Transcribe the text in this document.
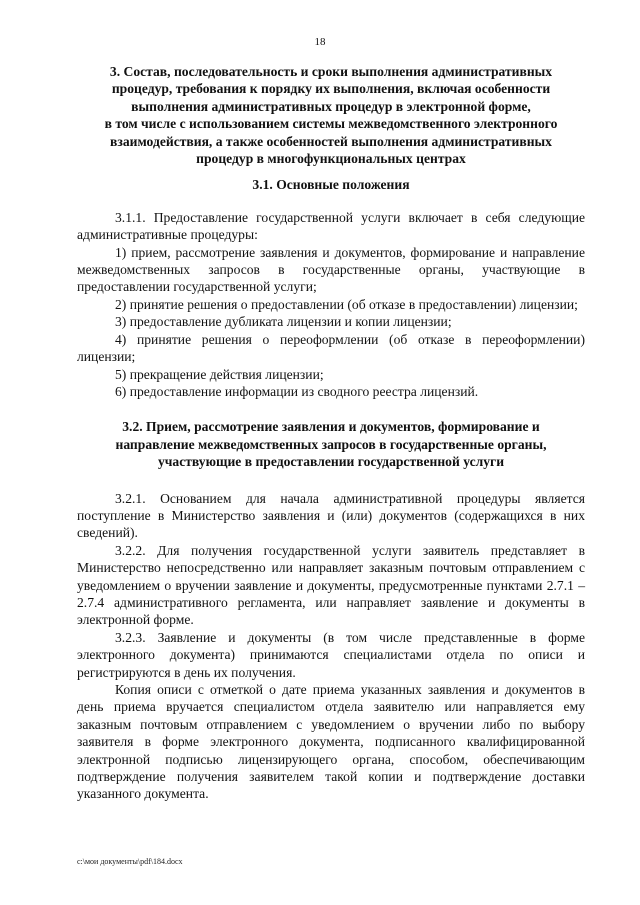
18
3. Состав, последовательность и сроки выполнения административных
процедур, требования к порядку их выполнения, включая особенности
выполнения административных процедур в электронной форме,
в том числе с использованием системы межведомственного электронного
взаимодействия, а также особенностей выполнения административных
процедур в многофункциональных центрах
3.1. Основные положения

3.1.1. Предоставление государственной услуги включает в себя следующие административные процедуры:

1) прием, рассмотрение заявления и документов, формирование и направление межведомственных запросов в государственные органы, участвующие в предоставлении государственной услуги;

2) принятие решения о предоставлении (об отказе в предоставлении) лицензии;

3) предоставление дубликата лицензии и копии лицензии;

4) принятие решения о переоформлении (об отказе в переоформлении) лицензии;

5) прекращение действия лицензии;

6) предоставление информации из сводного реестра лицензий.

3.2. Прием, рассмотрение заявления и документов, формирование и
направление межведомственных запросов в государственные органы,
участвующие в предоставлении государственной услуги

3.2.1. Основанием для начала административной процедуры является поступление в Министерство заявления и (или) документов (содержащихся в них сведений).

3.2.2. Для получения государственной услуги заявитель представляет в Министерство непосредственно или направляет заказным почтовым отправлением с уведомлением о вручении заявление и документы, предусмотренные пунктами 2.7.1 – 2.7.4 административного регламента, или направляет заявление и документы в электронной форме.

3.2.3. Заявление и документы (в том числе представленные в форме электронного документа) принимаются специалистами отдела по описи и регистрируются в день их получения.

Копия описи с отметкой о дате приема указанных заявления и документов в день приема вручается специалистом отдела заявителю или направляется ему заказным почтовым отправлением с уведомлением о вручении либо по выбору заявителя в форме электронного документа, подписанного квалифицированной электронной подписью лицензирующего органа, способом, обеспечивающим подтверждение получения заявителем такой копии и подтверждение доставки указанного документа.

c:\мои документы\pdf\184.docx
